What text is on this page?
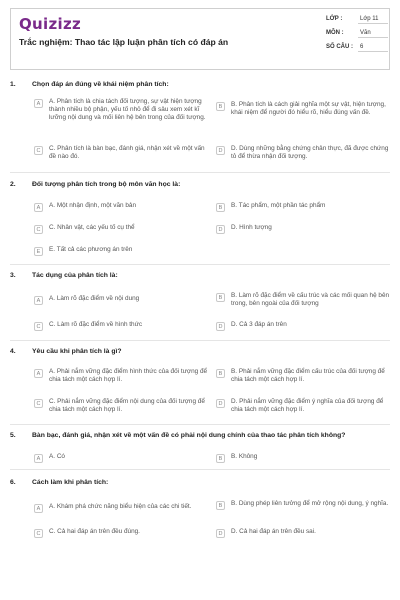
Quizizz
Trắc nghiệm: Thao tác lập luận phân tích có đáp án
LỚP :	Lớp 11
MÔN :	Văn
SỐ CÂU :	6
1.	Chọn đáp án đúng về khái niệm phân tích:
A	A. Phân tích là chia tách đối tượng, sự vật hiện tượng thành nhiều bộ phận, yếu tố nhỏ để đi sâu xem xét kĩ lưỡng nội dung và mối liên hệ bên trong của đối tượng.
B	B. Phân tích là cách giải nghĩa một sự vật, hiện tượng, khái niệm để người đó hiểu rõ, hiểu đúng vấn đề.
C	C. Phân tích là bàn bạc, đánh giá, nhận xét về một vấn đề nào đó.
D	D. Dùng những bằng chứng chân thực, đã được chứng tỏ để thừa nhận đối tượng.
2.	Đối tượng phân tích trong bộ môn văn học là:
A	A. Một nhận định, một văn bản	B	B. Tác phẩm, một phần tác phẩm
C	C. Nhân vật, các yếu tố cụ thể	D	D. Hình tượng
E	E. Tất cả các phương án trên
3.	Tác dụng của phân tích là:
A	A. Làm rõ đặc điểm về nội dung	B	B. Làm rõ đặc điểm về cấu trúc và các mối quan hệ bên trong, bên ngoài của đối tượng
C	C. Làm rõ đặc điểm về hình thức	D	D. Cả 3 đáp án trên
4.	Yêu cầu khi phân tích là gì?
A	A. Phải nắm vững đặc điểm hình thức của đối tượng để chia tách một cách hợp lí.
B	B. Phải nắm vững đặc điểm cấu trúc của đối tượng để chia tách một cách hợp lí.
C	C. Phải nắm vững đặc điểm nội dung của đối tượng để chia tách một cách hợp lí.
D	D. Phải nắm vững đặc điểm ý nghĩa của đối tượng để chia tách một cách hợp lí.
5.	Bàn bạc, đánh giá, nhận xét về một vấn đề có phải nội dung chính của thao tác phân tích không?
A	A. Có	B	B. Không
6.	Cách làm khi phân tích:
A	A. Khám phá chức năng biểu hiện của các chi tiết.	B	B. Dùng phép liên tưởng để mở rộng nội dung, ý nghĩa.
C	C. Cả hai đáp án trên đều đúng.	D	D. Cả hai đáp án trên đều sai.
